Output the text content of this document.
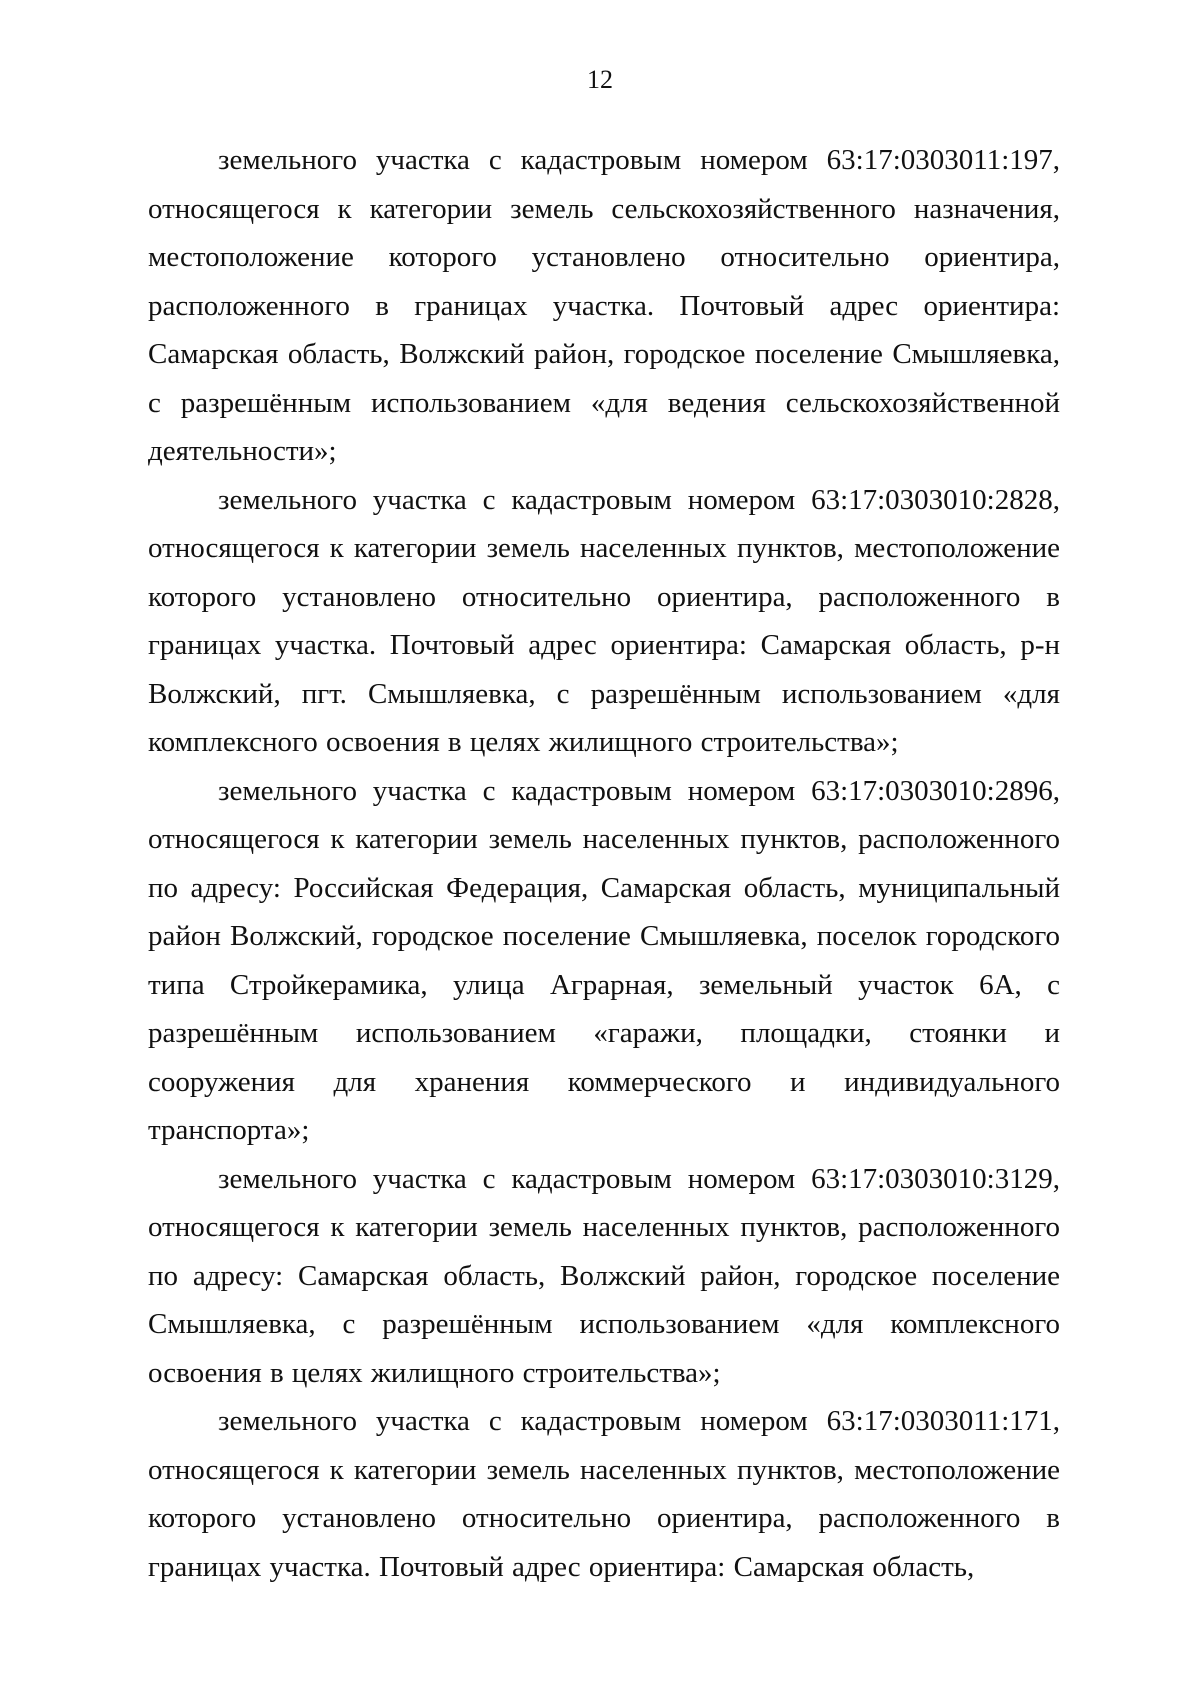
12

земельного участка с кадастровым номером 63:17:0303011:197, относящегося к категории земель сельскохозяйственного назначения, местоположение которого установлено относительно ориентира, расположенного в границах участка. Почтовый адрес ориентира: Самарская область, Волжский район, городское поселение Смышляевка, с разрешённым использованием «для ведения сельскохозяйственной деятельности»;

земельного участка с кадастровым номером 63:17:0303010:2828, относящегося к категории земель населенных пунктов, местоположение которого установлено относительно ориентира, расположенного в границах участка. Почтовый адрес ориентира: Самарская область, р-н Волжский, пгт. Смышляевка, с разрешённым использованием «для комплексного освоения в целях жилищного строительства»;

земельного участка с кадастровым номером 63:17:0303010:2896, относящегося к категории земель населенных пунктов, расположенного по адресу: Российская Федерация, Самарская область, муниципальный район Волжский, городское поселение Смышляевка, поселок городского типа Стройкерамика, улица Аграрная, земельный участок 6А, с разрешённым использованием «гаражи, площадки, стоянки и сооружения для хранения коммерческого и индивидуального транспорта»;

земельного участка с кадастровым номером 63:17:0303010:3129, относящегося к категории земель населенных пунктов, расположенного по адресу: Самарская область, Волжский район, городское поселение Смышляевка, с разрешённым использованием «для комплексного освоения в целях жилищного строительства»;

земельного участка с кадастровым номером 63:17:0303011:171, относящегося к категории земель населенных пунктов, местоположение которого установлено относительно ориентира, расположенного в границах участка. Почтовый адрес ориентира: Самарская область,
